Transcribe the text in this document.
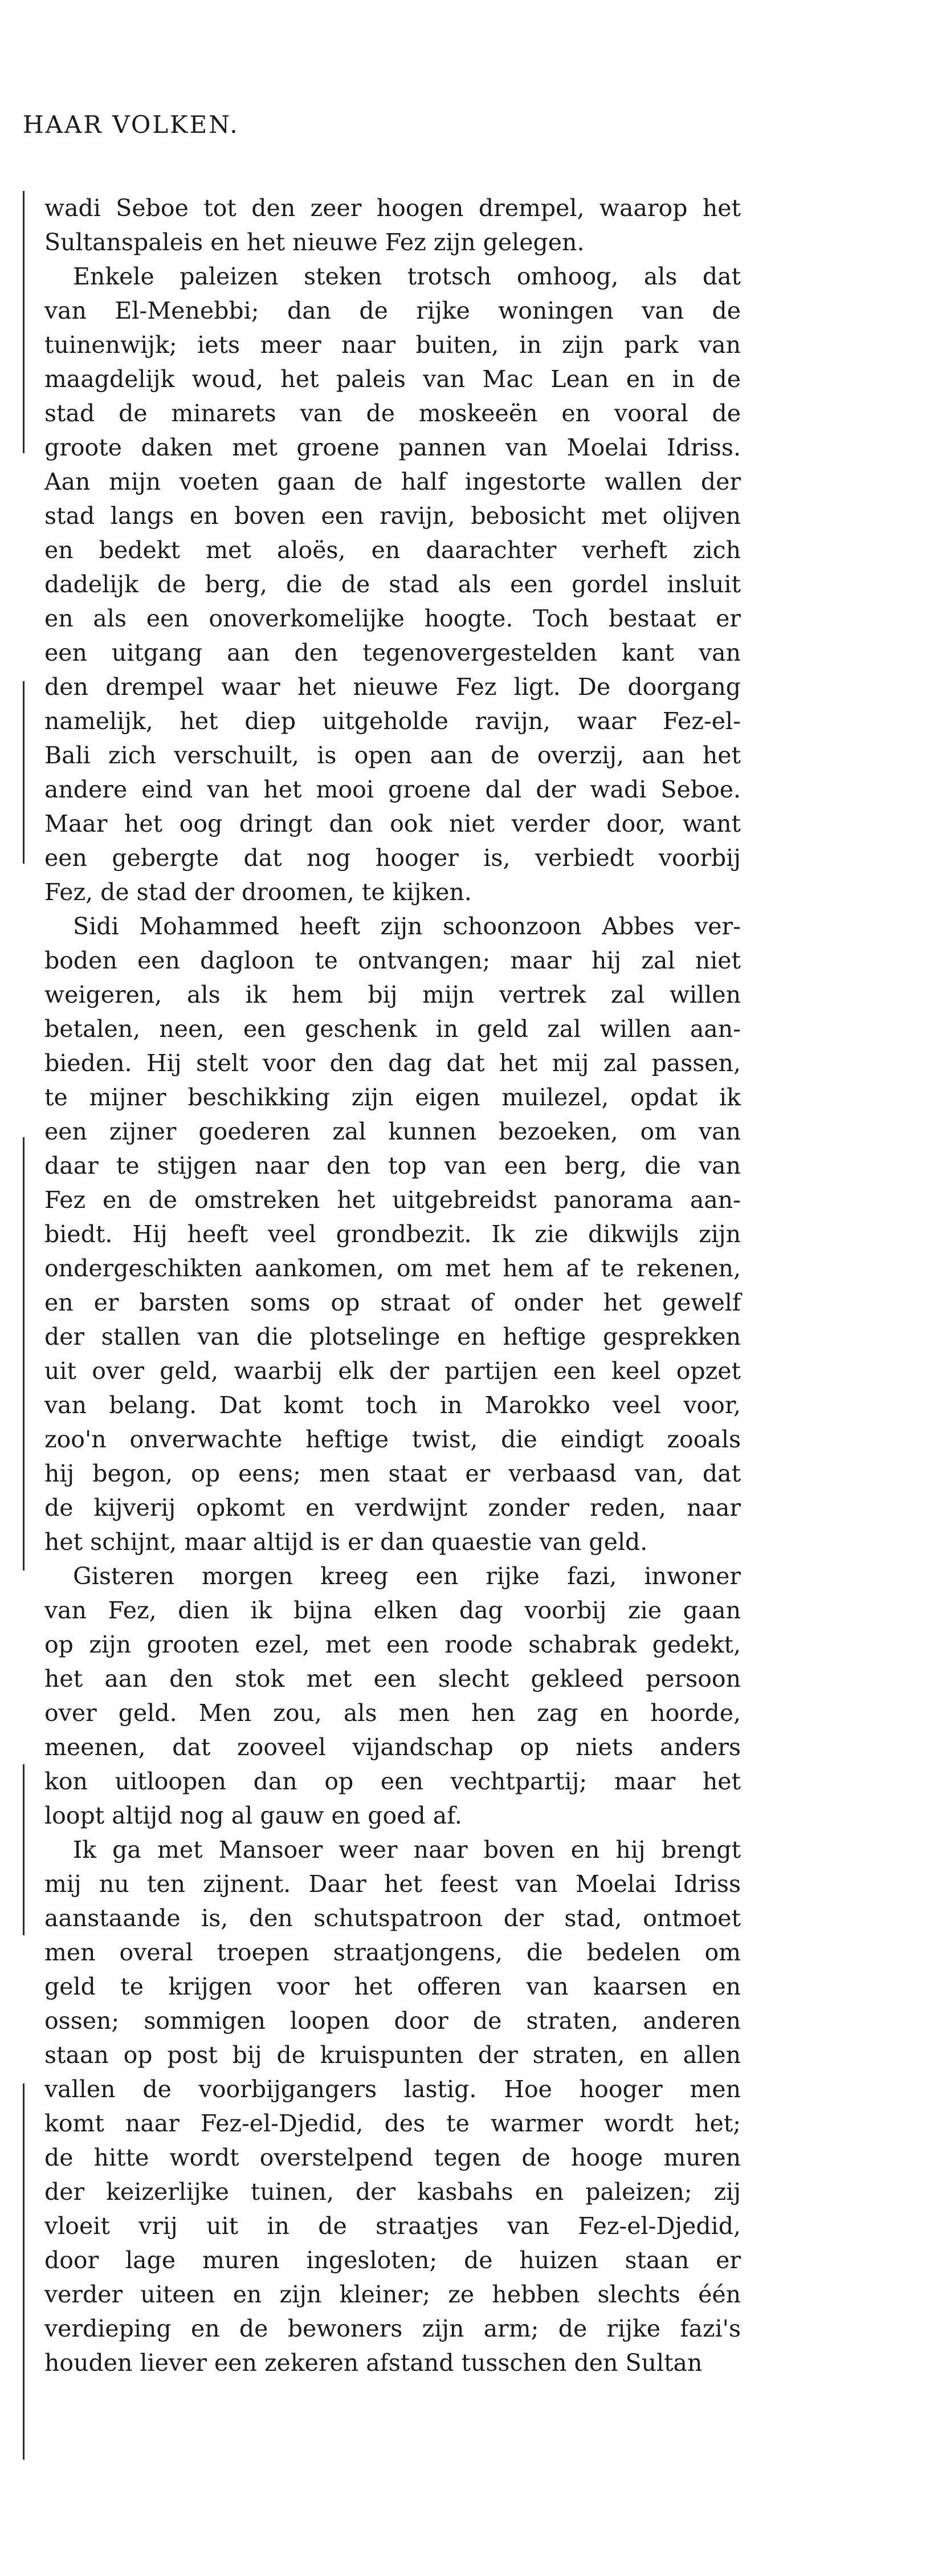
HAAR VOLKEN.
wadi Seboe tot den zeer hoogen drempel, waarop het
Sultanspaleis en het nieuwe Fez zijn gelegen.
Enkele paleizen steken trotsch omhoog, als dat
van El-Menebbi; dan de rijke woningen van de
tuinenwijk; iets meer naar buiten, in zijn park van
maagdelijk woud, het paleis van Mac Lean en in de
stad de minarets van de moskeeën en vooral de
groote daken met groene pannen van Moelai Idriss.
Aan mijn voeten gaan de half ingestorte wallen der
stad langs en boven een ravijn, bebosicht met olijven
en bedekt met aloës, en daarachter verheft zich
dadelijk de berg, die de stad als een gordel insluit
en als een onoverkomelijke hoogte. Toch bestaat er
een uitgang aan den tegenovergestelden kant van
den drempel waar het nieuwe Fez ligt. De doorgang
namelijk, het diep uitgeholde ravijn, waar Fez-el-
Bali zich verschuilt, is open aan de overzij, aan het
andere eind van het mooi groene dal der wadi Seboe.
Maar het oog dringt dan ook niet verder door, want
een gebergte dat nog hooger is, verbiedt voorbij
Fez, de stad der droomen, te kijken.
Sidi Mohammed heeft zijn schoonzoon Abbes ver-
boden een dagloon te ontvangen; maar hij zal niet
weigeren, als ik hem bij mijn vertrek zal willen
betalen, neen, een geschenk in geld zal willen aan-
bieden. Hij stelt voor den dag dat het mij zal passen,
te mijner beschikking zijn eigen muilezel, opdat ik
een zijner goederen zal kunnen bezoeken, om van
daar te stijgen naar den top van een berg, die van
Fez en de omstreken het uitgebreidst panorama aan-
biedt. Hij heeft veel grondbezit. Ik zie dikwijls zijn
ondergeschikten aankomen, om met hem af te rekenen,
en er barsten soms op straat of onder het gewelf
der stallen van die plotselinge en heftige gesprekken
uit over geld, waarbij elk der partijen een keel opzet
van belang. Dat komt toch in Marokko veel voor,
zoo'n onverwachte heftige twist, die eindigt zooals
hij begon, op eens; men staat er verbaasd van, dat
de kijverij opkomt en verdwijnt zonder reden, naar
het schijnt, maar altijd is er dan quaestie van geld.
Gisteren morgen kreeg een rijke fazi, inwoner
van Fez, dien ik bijna elken dag voorbij zie gaan
op zijn grooten ezel, met een roode schabrak gedekt,
het aan den stok met een slecht gekleed persoon
over geld. Men zou, als men hen zag en hoorde,
meenen, dat zooveel vijandschap op niets anders
kon uitloopen dan op een vechtpartij; maar het
loopt altijd nog al gauw en goed af.
Ik ga met Mansoer weer naar boven en hij brengt
mij nu ten zijnent. Daar het feest van Moelai Idriss
aanstaande is, den schutspatroon der stad, ontmoet
men overal troepen straatjongens, die bedelen om
geld te krijgen voor het offeren van kaarsen en
ossen; sommigen loopen door de straten, anderen
staan op post bij de kruispunten der straten, en allen
vallen de voorbijgangers lastig. Hoe hooger men
komt naar Fez-el-Djedid, des te warmer wordt het;
de hitte wordt overstelpend tegen de hooge muren
der keizerlijke tuinen, der kasbahs en paleizen; zij
vloeit vrij uit in de straatjes van Fez-el-Djedid,
door lage muren ingesloten; de huizen staan er
verder uiteen en zijn kleiner; ze hebben slechts één
verdieping en de bewoners zijn arm; de rijke fazi's
houden liever een zekeren afstand tusschen den Sultan
